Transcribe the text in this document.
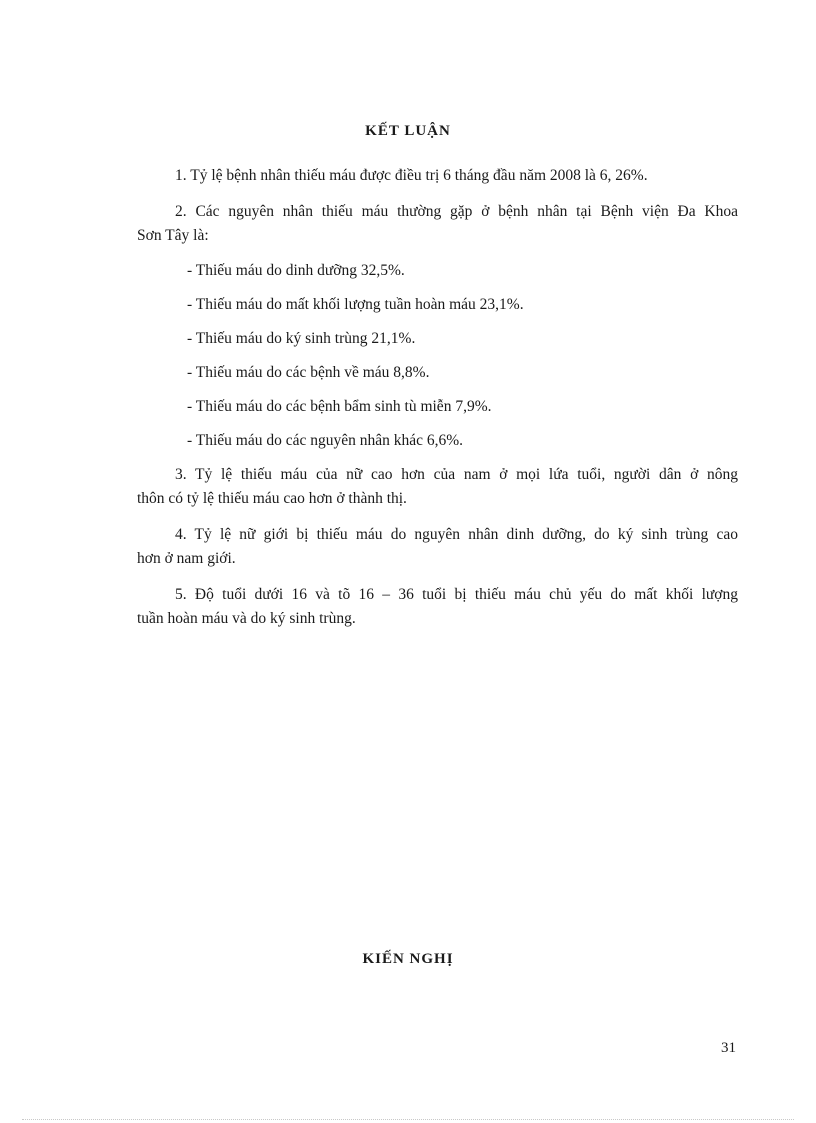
KẾT LUẬN
1. Tỷ lệ bệnh nhân thiếu máu được điều trị 6 tháng đầu năm 2008 là 6, 26%.
2. Các nguyên nhân thiếu máu thường gặp ở bệnh nhân tại Bệnh viện Đa Khoa
Sơn Tây là:
- Thiếu máu do dinh dưỡng 32,5%.
- Thiếu máu do mất khối lượng tuần hoàn máu 23,1%.
- Thiếu máu do ký sinh trùng 21,1%.
- Thiếu máu do các bệnh về máu 8,8%.
- Thiếu máu do các bệnh bẩm sinh tù miễn 7,9%.
- Thiếu máu do các nguyên nhân khác 6,6%.
3. Tỷ lệ thiếu máu của nữ cao hơn của nam ở mọi lứa tuổi, người dân ở nông
thôn có tỷ lệ thiếu máu cao hơn ở thành thị.
4. Tỷ lệ nữ giới bị thiếu máu do nguyên nhân dinh dưỡng, do ký sinh trùng cao
hơn ở nam giới.
5. Độ tuổi dưới 16 và tõ 16 – 36 tuổi bị thiếu máu chủ yếu do mất khối lượng
tuần hoàn máu và do ký sinh trùng.
KIẾN NGHỊ
31
